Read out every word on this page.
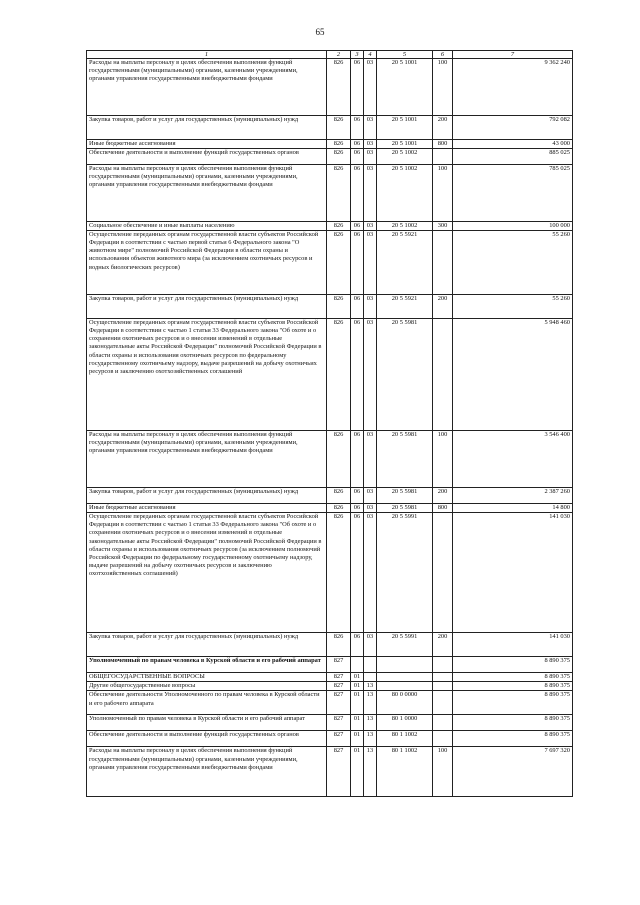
65
1	2	3	4	5	6	7
Расходы на выплаты персоналу в целях обеспечения выполнения функций государственными (муниципальными) органами, казенными учреждениями, органами управления государственными внебюджетными фондами	826	06	03	20 5 1001	100	9 362 240
Закупка товаров, работ и услуг для государственных (муниципальных) нужд	826	06	03	20 5 1001	200	792 082
Иные бюджетные ассигнования	826	06	03	20 5 1001	800	43 000
Обеспечение деятельности и выполнение функций государственных органов	826	06	03	20 5 1002		885 025
Расходы на выплаты персоналу в целях обеспечения выполнения функций государственными (муниципальными) органами, казенными учреждениями, органами управления государственными внебюджетными фондами	826	06	03	20 5 1002	100	785 025
Социальное обеспечение и иные выплаты населению	826	06	03	20 5 1002	300	100 000
Осуществление переданных органам государственной власти субъектов Российской Федерации в соответствии с частью первой статьи 6 Федерального закона "О животном мире" полномочий Российской Федерации в области охраны и использования объектов животного мира (за исключением охотничьих ресурсов и водных биологических ресурсов)	826	06	03	20 5 5921		55 260
Закупка товаров, работ и услуг для государственных (муниципальных) нужд	826	06	03	20 5 5921	200	55 260
Осуществление переданных органам государственной власти субъектов Российской Федерации в соответствии с частью 1 статьи 33 Федерального закона "Об охоте и о сохранении охотничьих ресурсов и о внесении изменений в отдельные законодательные акты Российской Федерации" полномочий Российской Федерации в области охраны и использования охотничьих ресурсов по федеральному государственному охотничьему надзору, выдаче разрешений на добычу охотничьих ресурсов и заключению охотхозяйственных соглашений	826	06	03	20 5 5981		5 948 460
Расходы на выплаты персоналу в целях обеспечения выполнения функций государственными (муниципальными) органами, казенными учреждениями, органами управления государственными внебюджетными фондами	826	06	03	20 5 5981	100	3 546 400
Закупка товаров, работ и услуг для государственных (муниципальных) нужд	826	06	03	20 5 5981	200	2 387 260
Иные бюджетные ассигнования	826	06	03	20 5 5981	800	14 800
Осуществление переданных органам государственной власти субъектов Российской Федерации в соответствии с частью 1 статьи 33 Федерального закона "Об охоте и о сохранении охотничьих ресурсов и о внесении изменений в отдельные законодательные акты Российской Федерации" полномочий Российской Федерации в области охраны и использования охотничьих ресурсов (за исключением полномочий Российской Федерации по федеральному государственному охотничьему надзору, выдаче разрешений на добычу охотничьих ресурсов и заключению охотхозяйственных соглашений)	826	06	03	20 5 5991		141 030
Закупка товаров, работ и услуг для государственных (муниципальных) нужд	826	06	03	20 5 5991	200	141 030
Уполномоченный по правам человека в Курской области и его рабочий аппарат	827					8 890 375
ОБЩЕГОСУДАРСТВЕННЫЕ ВОПРОСЫ	827	01				8 890 375
Другие общегосударственные вопросы	827	01	13			8 890 375
Обеспечение деятельности Уполномоченного по правам человека в Курской области и его рабочего аппарата	827	01	13	80 0 0000		8 890 375
Уполномоченный по правам человека в Курской области и его рабочий аппарат	827	01	13	80 1 0000		8 890 375
Обеспечение деятельности и выполнение функций государственных органов	827	01	13	80 1 1002		8 890 375
Расходы на выплаты персоналу в целях обеспечения выполнения функций государственными (муниципальными) органами, казенными учреждениями, органами управления государственными внебюджетными фондами	827	01	13	80 1 1002	100	7 697 320
